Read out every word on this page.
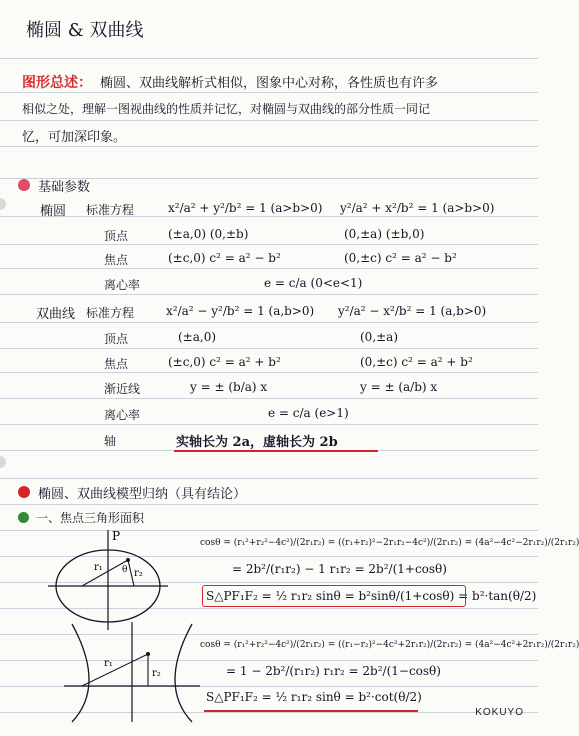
椭圆 & 双曲线
图形总述： 椭圆、双曲线解析式相似，图象中心对称，各性质也有许多
相似之处，理解一图视曲线的性质并记忆，对椭圆与双曲线的部分性质一同记
忆，可加深印象。
基础参数
椭圆 标准方程	x²/a² + y²/b² = 1 (a>b>0) y²/a² + x²/b² = 1 (a>b>0)
顶点	(±a,0) (0,±b)	(0,±a) (±b,0)
焦点	(±c,0) c² = a² − b²	(0,±c) c² = a² − b²
离心率	e = c/a (0<e<1)
双曲线 标准方程	x²/a² − y²/b² = 1 (a,b>0) y²/a² − x²/b² = 1 (a,b>0)
顶点	(±a,0)	(0,±a)
焦点	(±c,0) c² = a² + b²	(0,±c) c² = a² + b²
渐近线	y = ± (b/a) x	y = ± (a/b) x
离心率	e = c/a (e>1)
轴	实轴长为 2a，虚轴长为 2b
椭圆、双曲线模型归纳（具有结论）
一、焦点三角形面积
P
r₁
r₂
θ
r₁
r₂
cosθ = (r₁²+r₂²−4c²)/(2r₁r₂) = ((r₁+r₂)²−2r₁r₂−4c²)/(2r₁r₂) = (4a²−4c²−2r₁r₂)/(2r₁r₂)
= 2b²/(r₁r₂) − 1 r₁r₂ = 2b²/(1+cosθ)
S△PF₁F₂ = ½ r₁r₂ sinθ = b²sinθ/(1+cosθ) = b²·tan(θ/2)
cosθ = (r₁²+r₂²−4c²)/(2r₁r₂) = ((r₁−r₂)²−4c²+2r₁r₂)/(2r₁r₂) = (4a²−4c²+2r₁r₂)/(2r₁r₂)
= 1 − 2b²/(r₁r₂) r₁r₂ = 2b²/(1−cosθ)
S△PF₁F₂ = ½ r₁r₂ sinθ = b²·cot(θ/2)
KOKUYO
